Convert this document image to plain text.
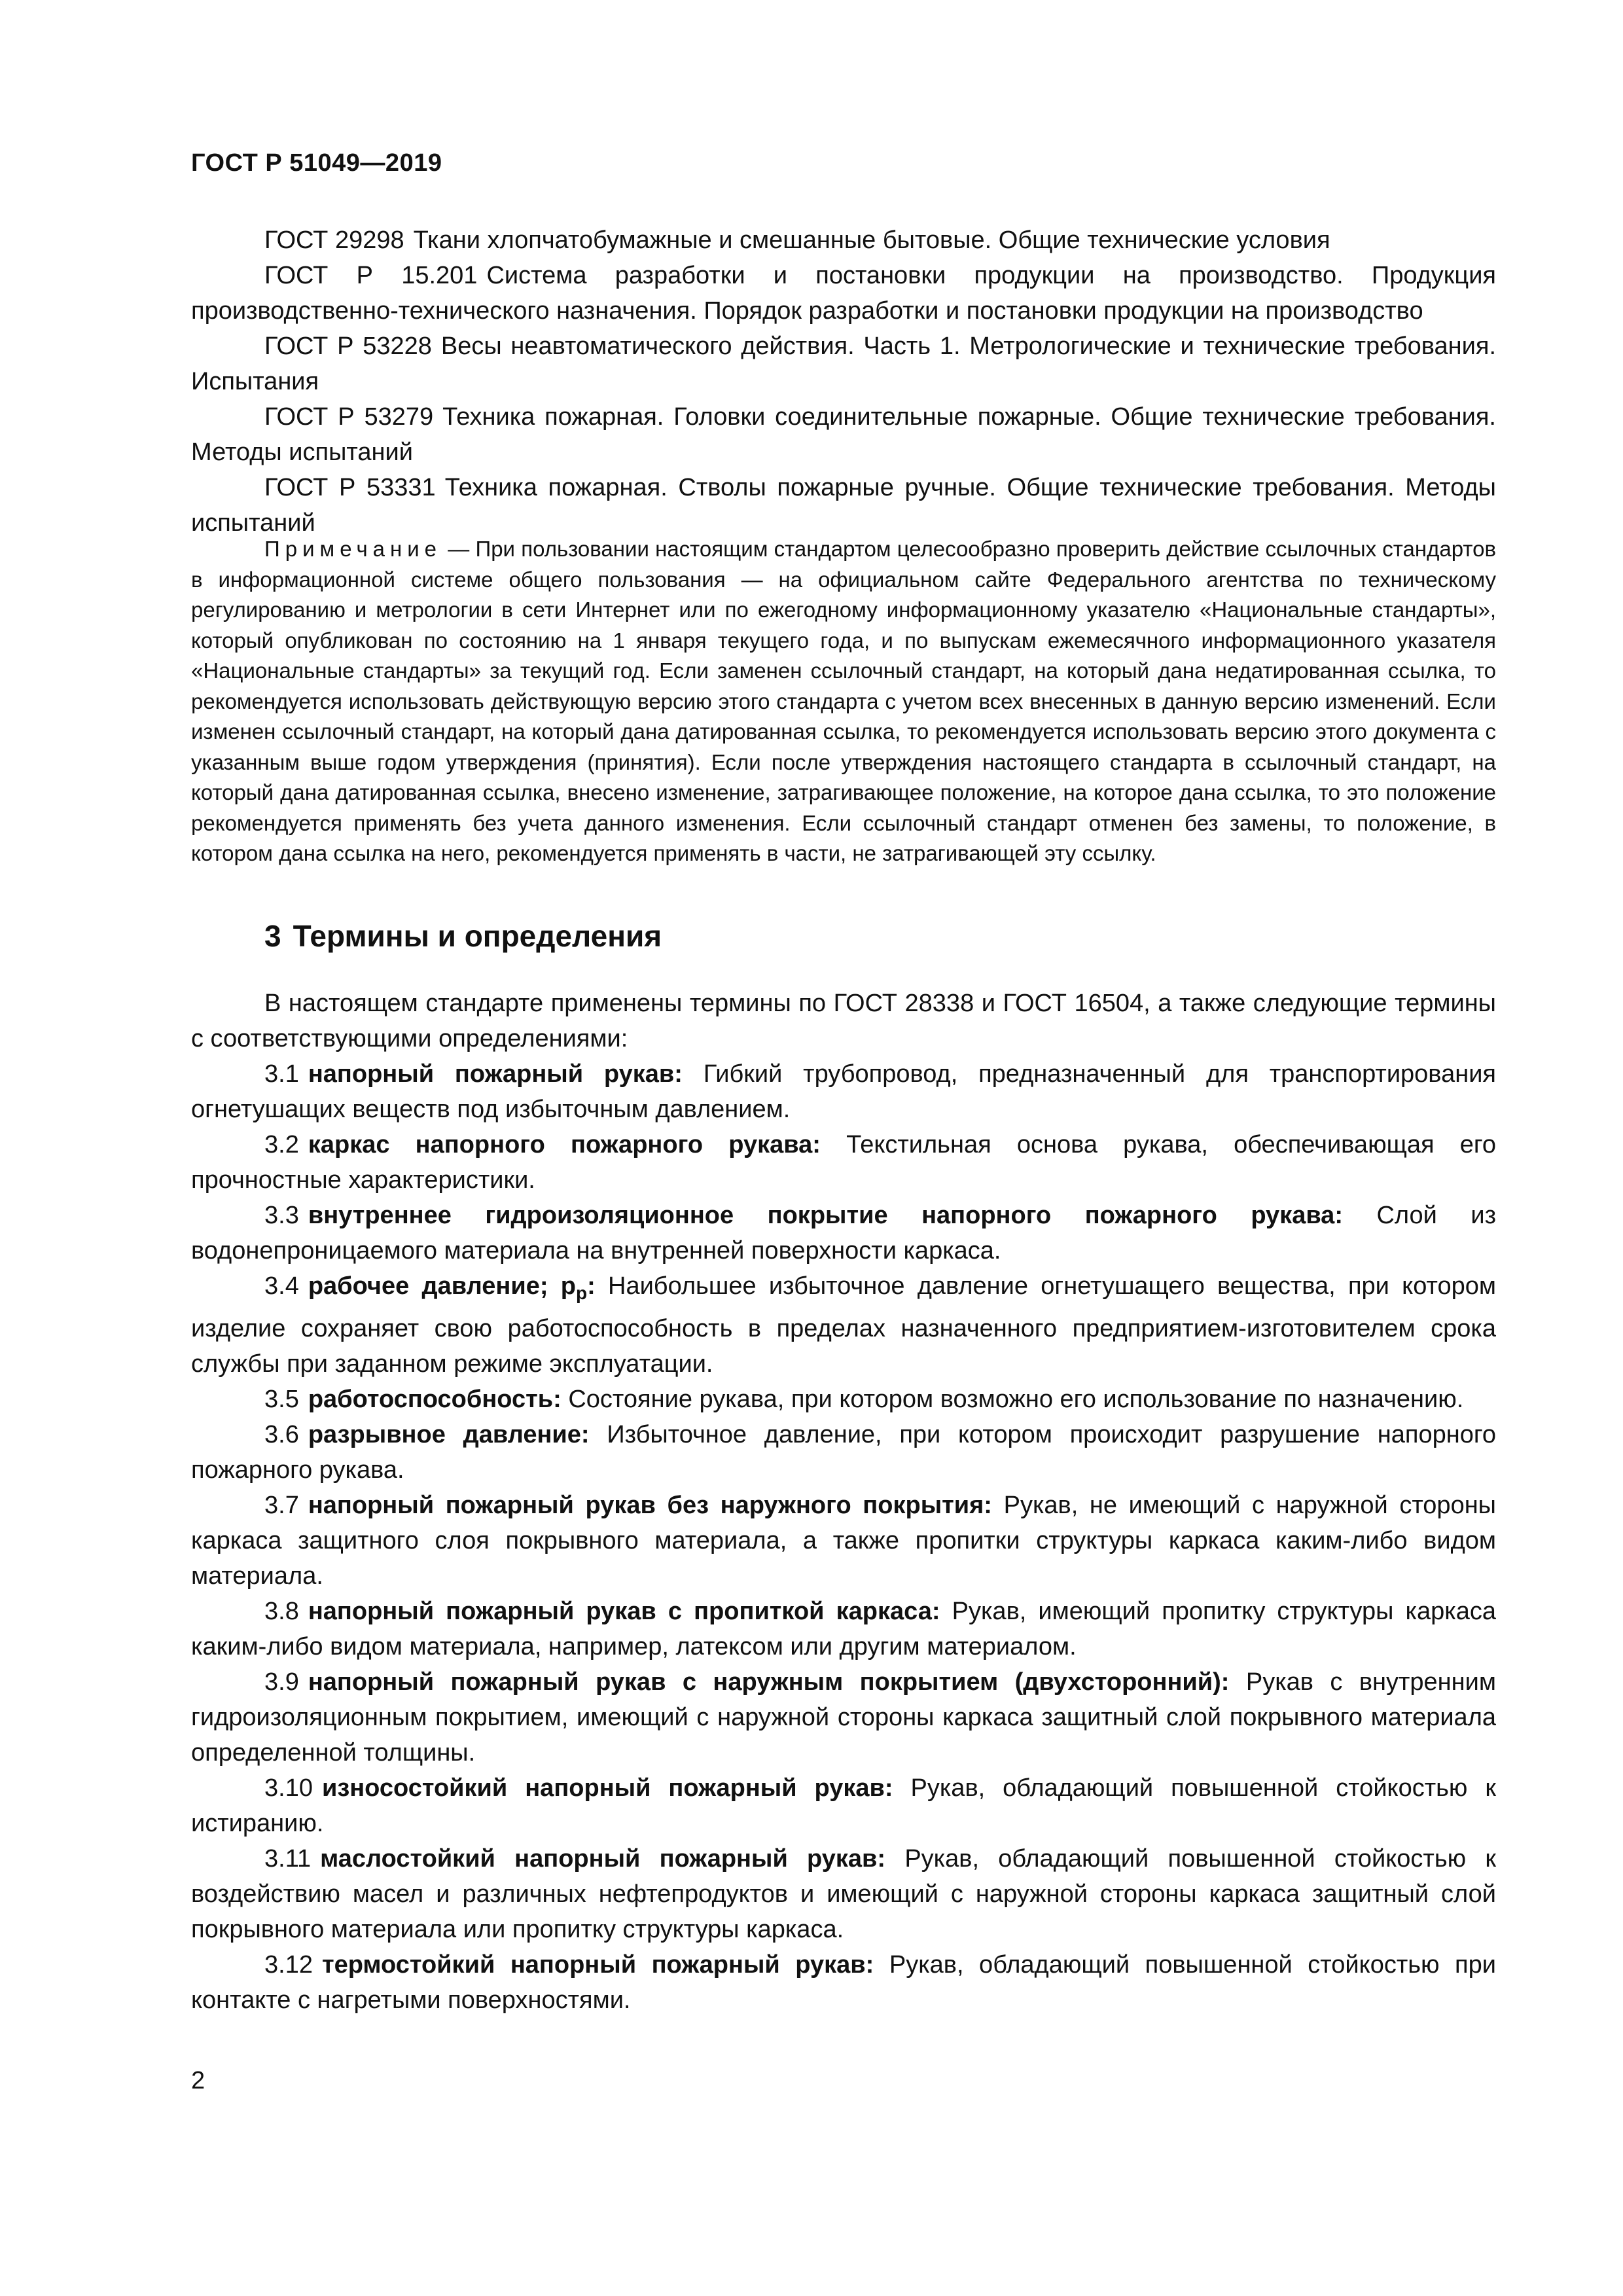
ГОСТ Р 51049—2019

ГОСТ 29298 Ткани хлопчатобумажные и смешанные бытовые. Общие технические условия

ГОСТ Р 15.201 Система разработки и постановки продукции на производство. Продукция производственно-технического назначения. Порядок разработки и постановки продукции на производство

ГОСТ Р 53228 Весы неавтоматического действия. Часть 1. Метрологические и технические требования. Испытания

ГОСТ Р 53279 Техника пожарная. Головки соединительные пожарные. Общие технические требования. Методы испытаний

ГОСТ Р 53331 Техника пожарная. Стволы пожарные ручные. Общие технические требования. Методы испытаний

Примечание — При пользовании настоящим стандартом целесообразно проверить действие ссылочных стандартов в информационной системе общего пользования — на официальном сайте Федерального агентства по техническому регулированию и метрологии в сети Интернет или по ежегодному информационному указателю «Национальные стандарты», который опубликован по состоянию на 1 января текущего года, и по выпускам ежемесячного информационного указателя «Национальные стандарты» за текущий год. Если заменен ссылочный стандарт, на который дана недатированная ссылка, то рекомендуется использовать действующую версию этого стандарта с учетом всех внесенных в данную версию изменений. Если изменен ссылочный стандарт, на который дана датированная ссылка, то рекомендуется использовать версию этого документа с указанным выше годом утверждения (принятия). Если после утверждения настоящего стандарта в ссылочный стандарт, на который дана датированная ссылка, внесено изменение, затрагивающее положение, на которое дана ссылка, то это положение рекомендуется применять без учета данного изменения. Если ссылочный стандарт отменен без замены, то положение, в котором дана ссылка на него, рекомендуется применять в части, не затрагивающей эту ссылку.

3 Термины и определения

В настоящем стандарте применены термины по ГОСТ 28338 и ГОСТ 16504, а также следующие термины с соответствующими определениями:

3.1 напорный пожарный рукав: Гибкий трубопровод, предназначенный для транспортирования огнетушащих веществ под избыточным давлением.

3.2 каркас напорного пожарного рукава: Текстильная основа рукава, обеспечивающая его прочностные характеристики.

3.3 внутреннее гидроизоляционное покрытие напорного пожарного рукава: Слой из водонепроницаемого материала на внутренней поверхности каркаса.

3.4 рабочее давление; $p_p$: Наибольшее избыточное давление огнетушащего вещества, при котором изделие сохраняет свою работоспособность в пределах назначенного предприятием-изготовителем срока службы при заданном режиме эксплуатации.

3.5 работоспособность: Состояние рукава, при котором возможно его использование по назначению.

3.6 разрывное давление: Избыточное давление, при котором происходит разрушение напорного пожарного рукава.

3.7 напорный пожарный рукав без наружного покрытия: Рукав, не имеющий с наружной стороны каркаса защитного слоя покрывного материала, а также пропитки структуры каркаса каким-либо видом материала.

3.8 напорный пожарный рукав с пропиткой каркаса: Рукав, имеющий пропитку структуры каркаса каким-либо видом материала, например, латексом или другим материалом.

3.9 напорный пожарный рукав с наружным покрытием (двухсторонний): Рукав с внутренним гидроизоляционным покрытием, имеющий с наружной стороны каркаса защитный слой покрывного материала определенной толщины.

3.10 износостойкий напорный пожарный рукав: Рукав, обладающий повышенной стойкостью к истиранию.

3.11 маслостойкий напорный пожарный рукав: Рукав, обладающий повышенной стойкостью к воздействию масел и различных нефтепродуктов и имеющий с наружной стороны каркаса защитный слой покрывного материала или пропитку структуры каркаса.

3.12 термостойкий напорный пожарный рукав: Рукав, обладающий повышенной стойкостью при контакте с нагретыми поверхностями.

2
